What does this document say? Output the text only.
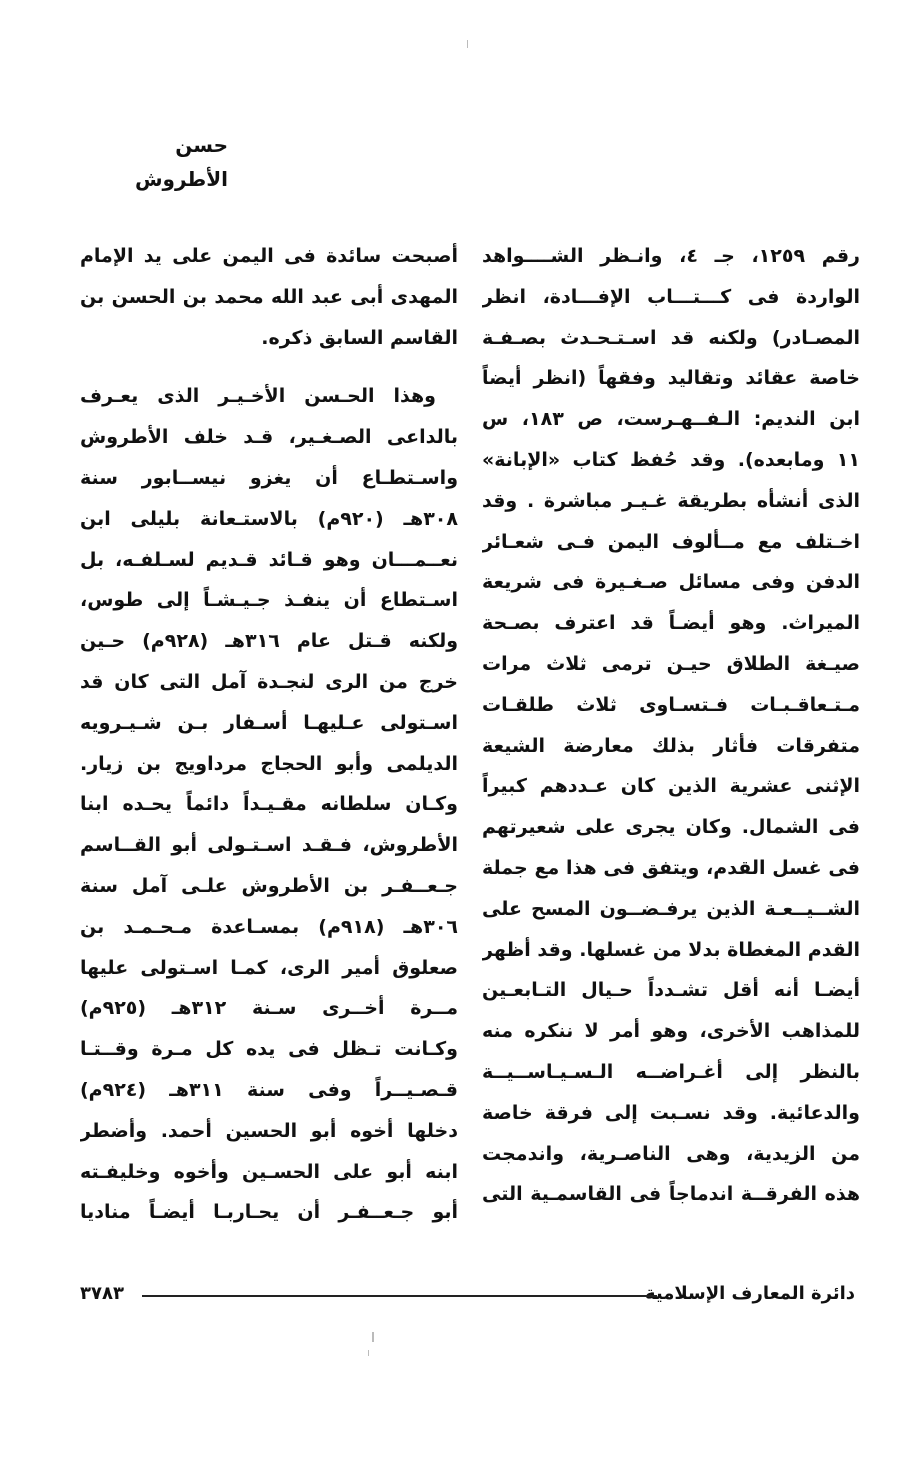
حسن الأطروش
رقم ١٢٥٩، جـ ٤، وانـظر الشــــواهد
الواردة فى كـــتـــاب الإفـــادة، انظر
المصـادر) ولكنه قد اسـتـحـدث بصـفـة
خاصة عقائد وتقاليد وفقهاً (انظر أيضاً
ابن النديم: الـفــهـرست، ص ١٨٣، س
١١ ومابعده). وقد حُفظ كتاب «الإبانة»
الذى أنشأه بطريقة غـيـر مباشرة . وقد
اخـتلف مع مــألوف اليمن فـى شعـائر
الدفن وفى مسائل صـغـيرة فى شريعة
الميراث. وهو أيضـاً قد اعترف بصـحة
صيـغة الطلاق حيـن ترمى ثلاث مرات
مـتـعاقـبـات فـتسـاوى ثلاث طلقـات
متفرقات فأثار بذلك معارضة الشيعة
الإثنى عشرية الذين كان عـددهم كبيراً
فى الشمال. وكان يجرى على شعيرتهم
فى غسل القدم، ويتفق فى هذا مع جملة
الشــيــعـة الذين يرفـضــون المسح على
القدم المغطاة بدلا من غسلها. وقد أظهر
أيضـا أنه أقل تشـدداً حـيال التـابعـين
للمذاهب الأخرى، وهو أمر لا ننكره منه
بالنظر إلى أغـراضــه الـسـيـاســيــة
والدعائية. وقد نسـبت إلى فرقة خاصة
من الزيدية، وهى الناصـرية، واندمجت
هذه الفرقــة اندماجاً فى القاسمـية التى
أصبحت سائدة فى اليمن على يد الإمام
المهدى أبى عبد الله محمد بن الحسن بن
القاسم السابق ذكره.
وهذا الحـسن الأخـيـر الذى يعـرف
بالداعى الصـغـير، قـد خلف الأطروش
واسـتطـاع أن يغزو نيســابور سنة
٣٠٨هـ (٩٢٠م) بالاستـعانة بليلى ابن
نعــمـــان وهو قـائد قـديم لسـلفـه، بل
اسـتطاع أن ينفـذ جـيـشـاً إلى طوس،
ولكنه قـتل عام ٣١٦هـ (٩٢٨م) حـين
خرج من الرى لنجـدة آمل التى كان قد
اسـتولى عـليهـا أسـفار بـن شـيـرويه
الديلمى وأبو الحجاج مرداويج بن زيار.
وكـان سلطانه مقـيـداً دائماً يحـده ابنا
الأطروش، فـقـد اسـتـولى أبو القــاسم
جـعــفـر بن الأطروش علـى آمل سنة
٣٠٦هـ (٩١٨م) بمسـاعدة مـحـمـد بن
صعلوق أمير الرى، كمـا اسـتولى عليها
مــرة أخــرى سـنة ٣١٢هـ (٩٢٥م)
وكـانت تـظل فى يده كل مـرة وقــتـا
قـصـيــراً وفى سنة ٣١١هـ (٩٢٤م)
دخلها أخوه أبو الحسين أحمد. وأضطر
ابنه أبو على الحسـين وأخوه وخليفـته
أبو جـعــفـر أن يحـاربـا أيضـاً مناديا
دائرة المعارف الإسلامية
٣٧٨٣
